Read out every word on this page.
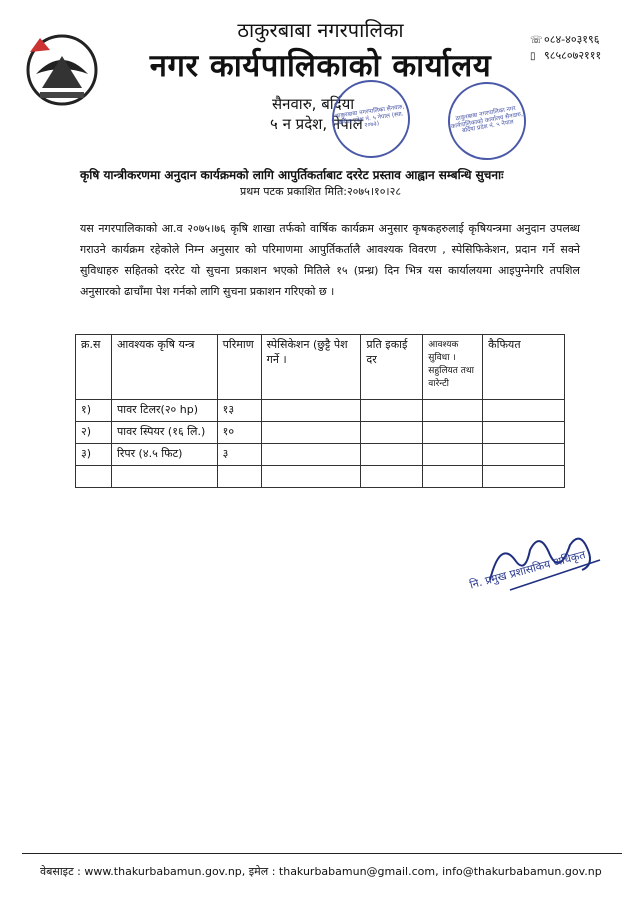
ठाकुरबाबा नगरपालिका
नगर कार्यपालिकाको कार्यालय
सैनवारु, बर्दिया
५ न प्रदेश, नेपाल
☏०८४-४०३१९६
▯ ९८५८०७२१११
ठाकुरबाबा नगरपालिका सैनवारु, बर्दिया प्रदेश नं. ५ नेपाल (स्था. २०७३)
ठाकुरबाबा नगरपालिका नगर कार्यपालिकाको कार्यालय सैनवारु, बर्दिया प्रदेश नं. ५ नेपाल
कृषि यान्त्रीकरणमा अनुदान कार्यक्रमको लागि आपुर्तिकर्ताबाट दररेट प्रस्ताव आह्वान सम्बन्धि सुचनाः
प्रथम पटक प्रकाशित मिति:२०७५।१०।२८
यस नगरपालिकाको आ.व २०७५।७६ कृषि शाखा तर्फको वार्षिक कार्यक्रम अनुसार कृषकहरुलाई कृषियन्त्रमा अनुदान उपलब्ध गराउने कार्यक्रम रहेकोले निम्न अनुसार को परिमाणमा आपुर्तिकर्तालै आवश्यक विवरण , स्पेसिफिकेशन, प्रदान गर्ने सक्ने सुविधाहरु सहितको दररेट यो सुचना प्रकाशन भएको मितिले १५ (प्रन्ध्र) दिन भित्र यस कार्यालयमा आइपुग्नेगरि तपशिल अनुसारको ढाचाँमा पेश गर्नको लागि सुचना प्रकाशन गरिएको छ ।
क्र.स	आवश्यक कृषि यन्त्र	परिमाण	स्पेसिकेशन (छुट्टै पेश गर्ने ।	प्रति इकाई दर	आवश्यक सुविधा ।सहुलियत तथा वारेन्टी	कैफियत
१)	पावर टिलर(२० hp)	१३				
२)	पावर स्पियर (१६ लि.)	१०				
३)	रिपर (४.५ फिट)	३				

नि. प्रमुख प्रशासकिय अधिकृत
वेबसाइट : www.thakurbabamun.gov.np, इमेल : thakurbabamun@gmail.com, info@thakurbabamun.gov.np
